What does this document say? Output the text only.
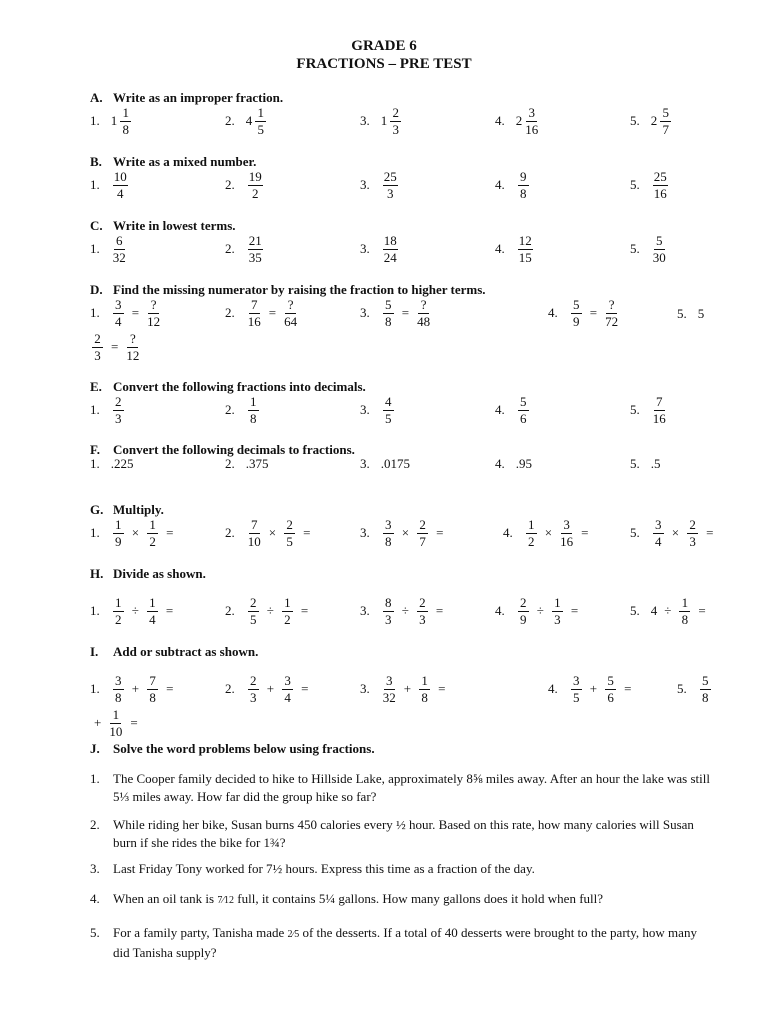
GRADE 6
FRACTIONS – PRE TEST
A. Write as an improper fraction.
1. $1 \frac{1}{8}$	2. $4 \frac{1}{5}$	3. $1 \frac{2}{3}$	4. $2 \frac{3}{16}$	5. $2 \frac{5}{7}$
B. Write as a mixed number.
1. $\frac{10}{4}$	2. $\frac{19}{2}$	3. $\frac{25}{3}$	4. $\frac{9}{8}$	5. $\frac{25}{16}$
C. Write in lowest terms.
1. $\frac{6}{32}$	2. $\frac{21}{35}$	3. $\frac{18}{24}$	4. $\frac{12}{15}$	5. $\frac{5}{30}$
D. Find the missing numerator by raising the fraction to higher terms.
1. $\frac{3}{4} = \frac{?}{12}$	2. $\frac{7}{16} = \frac{?}{64}$	3. $\frac{5}{8} = \frac{?}{48}$	4. $\frac{5}{9} = \frac{?}{72}$	5. 5
$\frac{2}{3} = \frac{?}{12}$
E. Convert the following fractions into decimals.
1. $\frac{2}{3}$	2. $\frac{1}{8}$	3. $\frac{4}{5}$	4. $\frac{5}{6}$	5. $\frac{7}{16}$
F. Convert the following decimals to fractions.
1. .225	2. .375	3. .0175	4. .95	5. .5
G. Multiply.
1. $\frac{1}{9} \times \frac{1}{2}$ =	2. $\frac{7}{10} \times \frac{2}{5}$ =	3. $\frac{3}{8} \times \frac{2}{7}$ =	4. $\frac{1}{2} \times \frac{3}{16}$ =	5. $\frac{3}{4} \times \frac{2}{3}$ =
H. Divide as shown.
1. $\frac{1}{2} \div \frac{1}{4}$ =	2. $\frac{2}{5} \div \frac{1}{2}$ =	3. $\frac{8}{3} \div \frac{2}{3}$ =	4. $\frac{2}{9} \div \frac{1}{3}$ =	5. $4 \div \frac{1}{8}$ =
I. Add or subtract as shown.
1. $\frac{3}{8} + \frac{7}{8}$ =	2. $\frac{2}{3} + \frac{3}{4}$ =	3. $\frac{3}{32} + \frac{1}{8}$ =	4. $\frac{3}{5} + \frac{5}{6}$ =	5. $\frac{5}{8}$
+ $\frac{1}{10}$ =
J. Solve the word problems below using fractions.
1. The Cooper family decided to hike to Hillside Lake, approximately 8⅝ miles away. After an hour the lake was still 5⅓ miles away. How far did the group hike so far?
2. While riding her bike, Susan burns 450 calories every ½ hour. Based on this rate, how many calories will Susan burn if she rides the bike for 1¾?
3. Last Friday Tony worked for 7½ hours. Express this time as a fraction of the day.
4. When an oil tank is 7⁄12 full, it contains 5¼ gallons. How many gallons does it hold when full?
5. For a family party, Tanisha made 2⁄5 of the desserts. If a total of 40 desserts were brought to the party, how many did Tanisha supply?
